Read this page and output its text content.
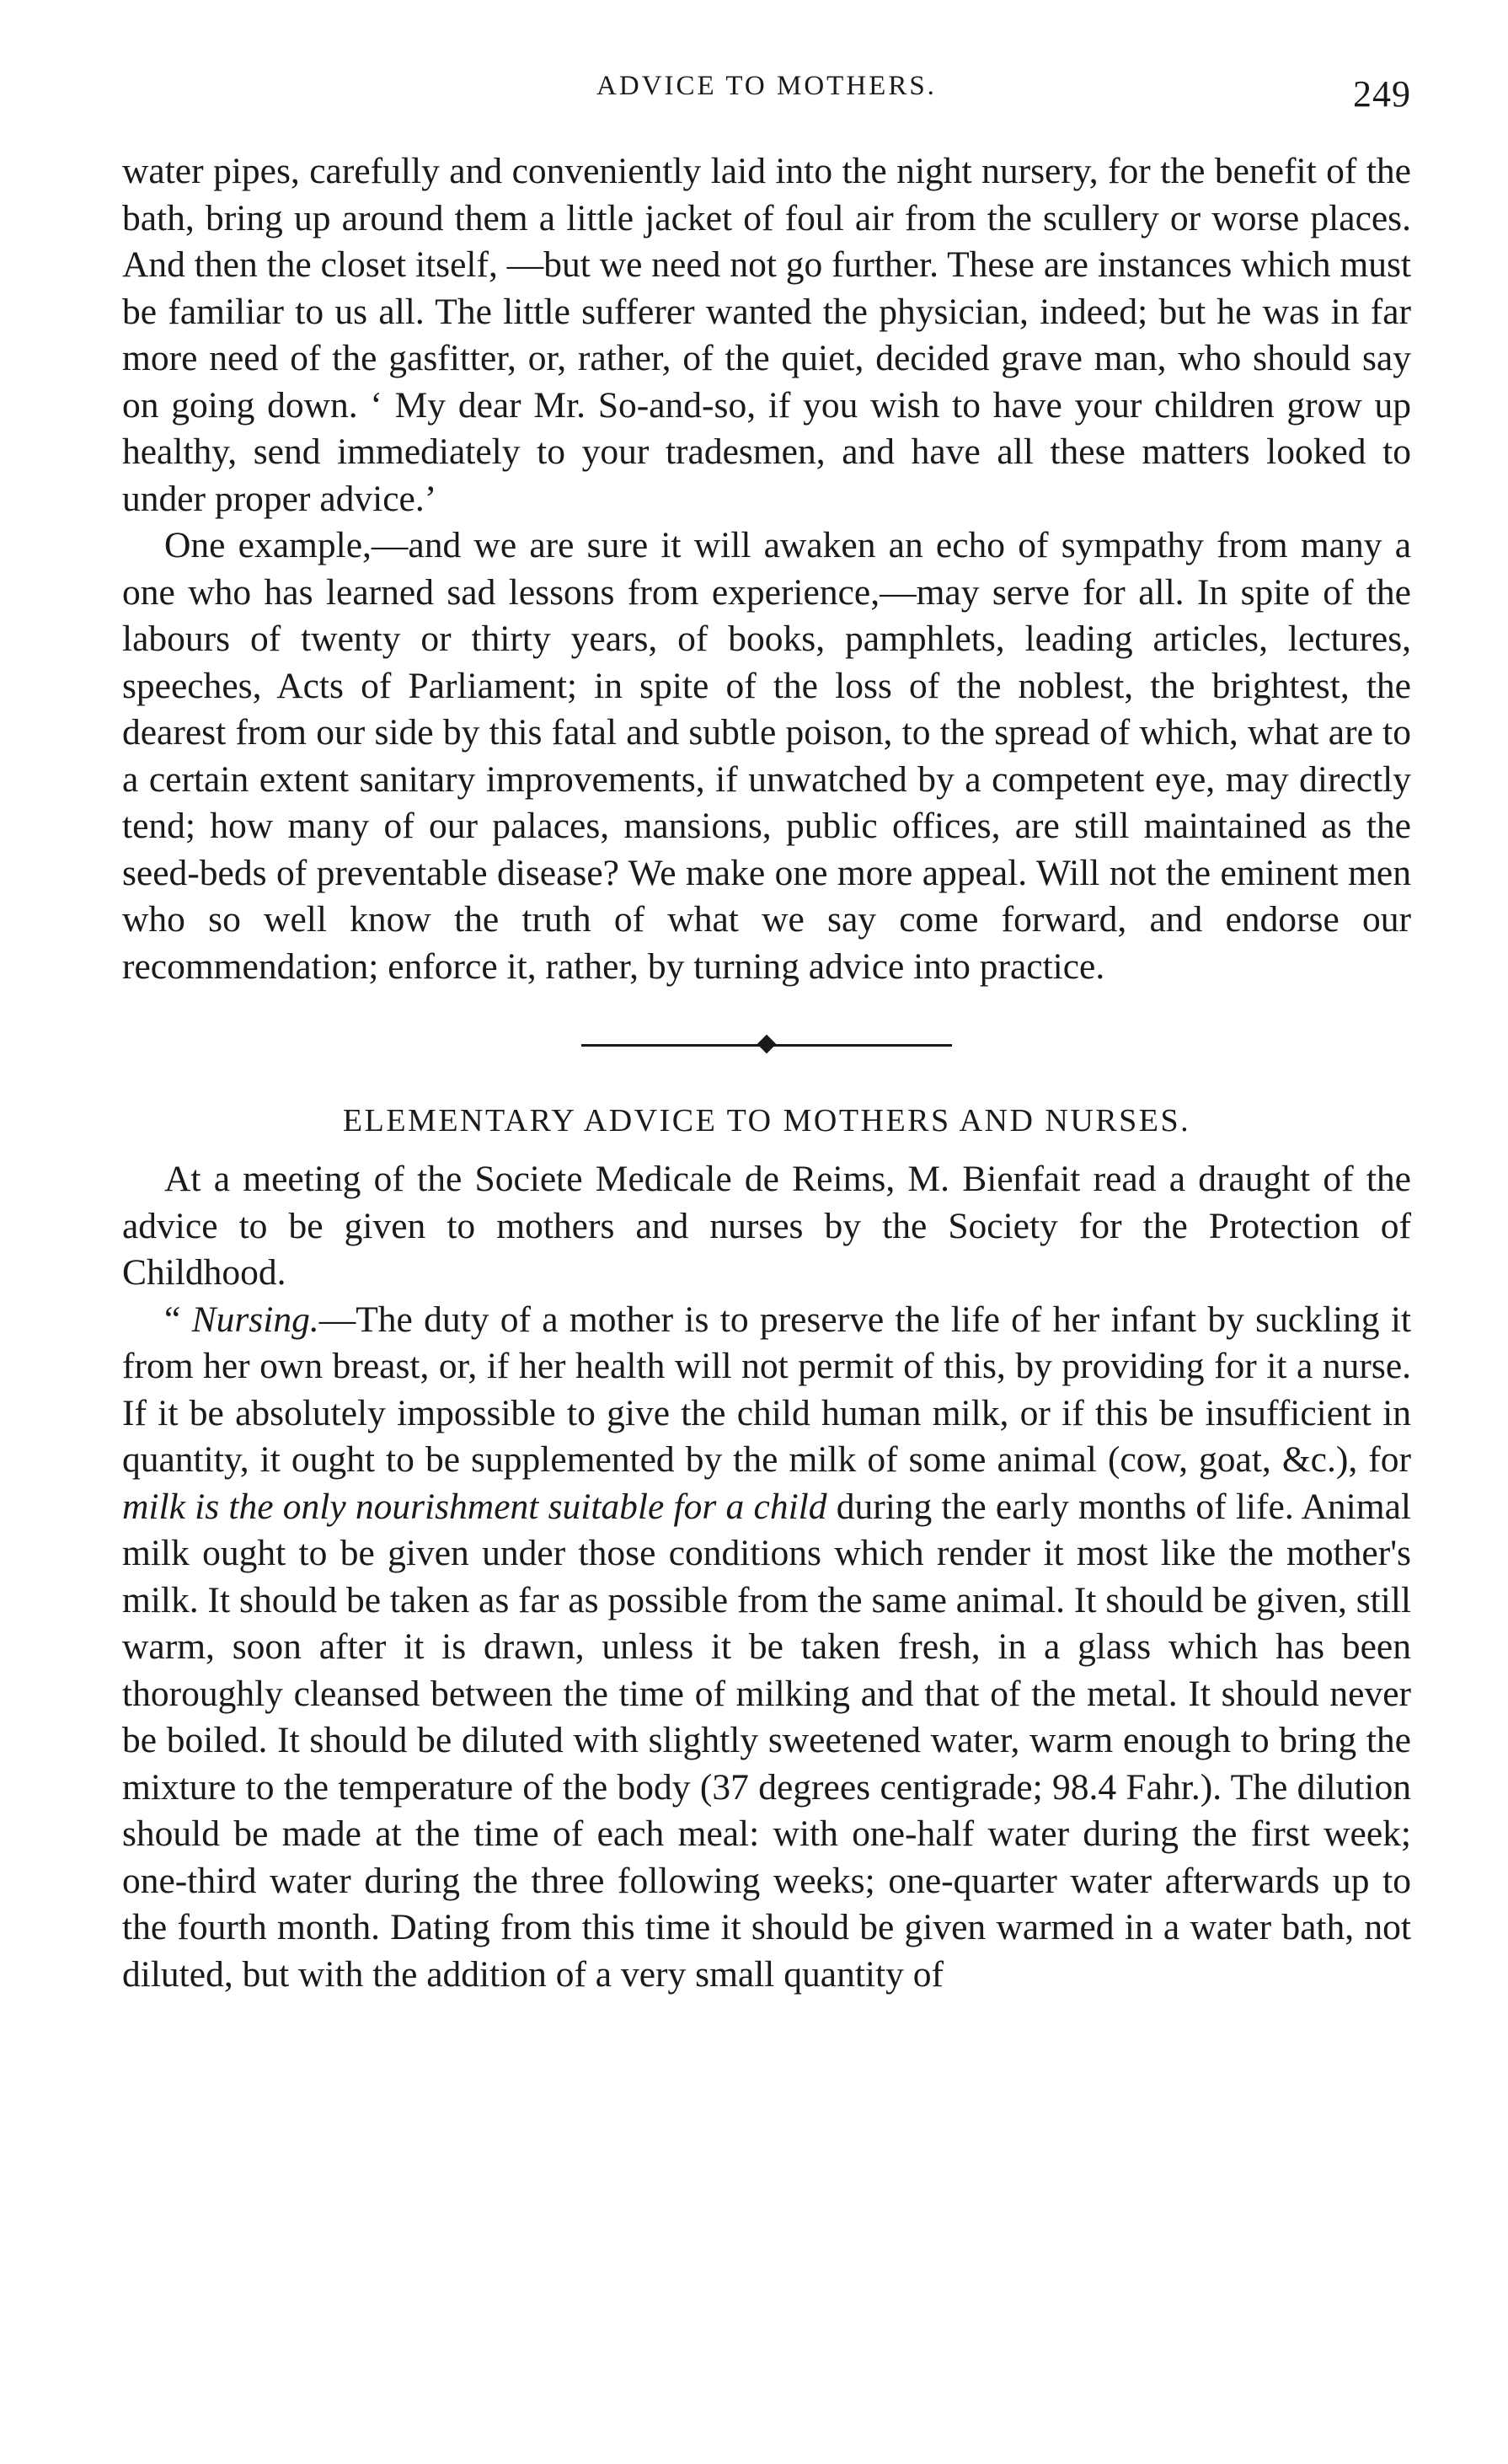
ADVICE TO MOTHERS.	249

water pipes, carefully and conveniently laid into the night nursery, for the benefit of the bath, bring up around them a little jacket of foul air from the scullery or worse places. And then the closet itself, —but we need not go further. These are instances which must be familiar to us all. The little sufferer wanted the physician, indeed; but he was in far more need of the gasfitter, or, rather, of the quiet, decided grave man, who should say on going down. ‘ My dear Mr. So-and-so, if you wish to have your children grow up healthy, send immediately to your tradesmen, and have all these matters looked to under proper advice.’

One example,—and we are sure it will awaken an echo of sympathy from many a one who has learned sad lessons from experience,—may serve for all. In spite of the labours of twenty or thirty years, of books, pamphlets, leading articles, lectures, speeches, Acts of Parliament; in spite of the loss of the noblest, the brightest, the dearest from our side by this fatal and subtle poison, to the spread of which, what are to a certain extent sanitary improvements, if unwatched by a competent eye, may directly tend; how many of our palaces, mansions, public offices, are still maintained as the seed-beds of preventable disease? We make one more appeal. Will not the eminent men who so well know the truth of what we say come forward, and endorse our recommendation; enforce it, rather, by turning advice into practice.

ELEMENTARY ADVICE TO MOTHERS AND NURSES.

At a meeting of the Societe Medicale de Reims, M. Bienfait read a draught of the advice to be given to mothers and nurses by the Society for the Protection of Childhood.

“ Nursing.—The duty of a mother is to preserve the life of her infant by suckling it from her own breast, or, if her health will not permit of this, by providing for it a nurse. If it be absolutely impossible to give the child human milk, or if this be insufficient in quantity, it ought to be supplemented by the milk of some animal (cow, goat, &c.), for milk is the only nourishment suitable for a child during the early months of life. Animal milk ought to be given under those conditions which render it most like the mother's milk. It should be taken as far as possible from the same animal. It should be given, still warm, soon after it is drawn, unless it be taken fresh, in a glass which has been thoroughly cleansed between the time of milking and that of the metal. It should never be boiled. It should be diluted with slightly sweetened water, warm enough to bring the mixture to the temperature of the body (37 degrees centigrade; 98.4 Fahr.). The dilution should be made at the time of each meal: with one-half water during the first week; one-third water during the three following weeks; one-quarter water afterwards up to the fourth month. Dating from this time it should be given warmed in a water bath, not diluted, but with the addition of a very small quantity of
